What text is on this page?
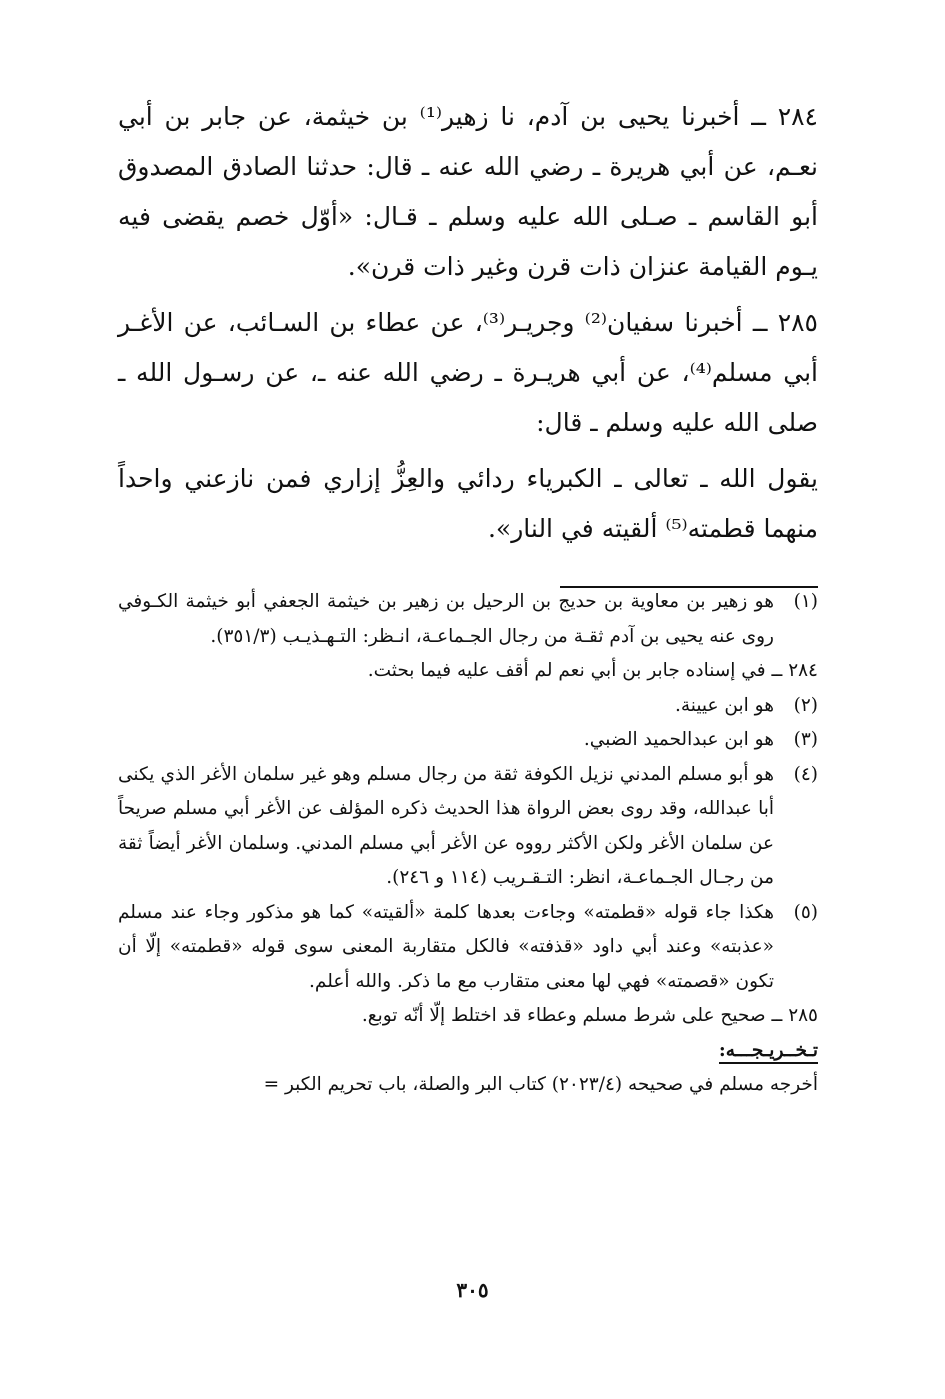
٢٨٤ ــ أخبرنا يحيى بن آدم، نا زهير⁽¹⁾ بن خيثمة، عن جابر بن أبي نعـم، عن أبي هريرة ـ رضي الله عنه ـ قال: حدثنا الصادق المصدوق أبو القاسم ـ صـلى الله عليه وسلم ـ قـال: «أوّل خصم يقضى فيه يـوم القيامة عنزان ذات قرن وغير ذات قرن».

٢٨٥ ــ أخبرنا سفيان⁽²⁾ وجريـر⁽³⁾، عن عطاء بن السـائب، عن الأغـر أبي مسلم⁽⁴⁾، عن أبي هريـرة ـ رضي الله عنه ـ، عن رسـول الله ـ صلى الله عليه وسلم ـ قال:

يقول الله ـ تعالى ـ الكبرياء ردائي والعِزُّ إزاري فمن نازعني واحداً منهما قطمته⁽⁵⁾ ألقيته في النار».

(١)
هو زهير بن معاوية بن حديج بن الرحيل بن زهير بن خيثمة الجعفي أبو خيثمة الكـوفي روى عنه يحيى بن آدم ثقـة من رجال الجـماعـة، انـظر: التـهـذيـب (٣٥١/٣).

٢٨٤ ــ في إسناده جابر بن أبي نعم لم أقف عليه فيما بحثت.

(٢)
هو ابن عيينة.
(٣)
هو ابن عبدالحميد الضبي.
(٤)
هو أبو مسلم المدني نزيل الكوفة ثقة من رجال مسلم وهو غير سلمان الأغر الذي يكنى أبا عبدالله، وقد روى بعض الرواة هذا الحديث ذكره المؤلف عن الأغر أبي مسلم صريحاً عن سلمان الأغر ولكن الأكثر رووه عن الأغر أبي مسلم المدني. وسلمان الأغر أيضاً ثقة من رجـال الجـماعـة، انظر: التـقـريب (١١٤ و ٢٤٦).
(٥)
هكذا جاء قوله «قطمته» وجاءت بعدها كلمة «ألقيته» كما هو مذكور وجاء عند مسلم «عذبته» وعند أبي داود «قذفته» فالكل متقاربة المعنى سوى قوله «قطمته» إلّا أن تكون «قصمته» فهي لها معنى متقارب مع ما ذكر. والله أعلم.

٢٨٥ ــ صحيح على شرط مسلم وعطاء قد اختلط إلّا أنّه توبع.

تـخــريـجـــه:

أخرجه مسلم في صحيحه (٢٠٢٣/٤) كتاب البر والصلة، باب تحريم الكبر =

٣٠٥
